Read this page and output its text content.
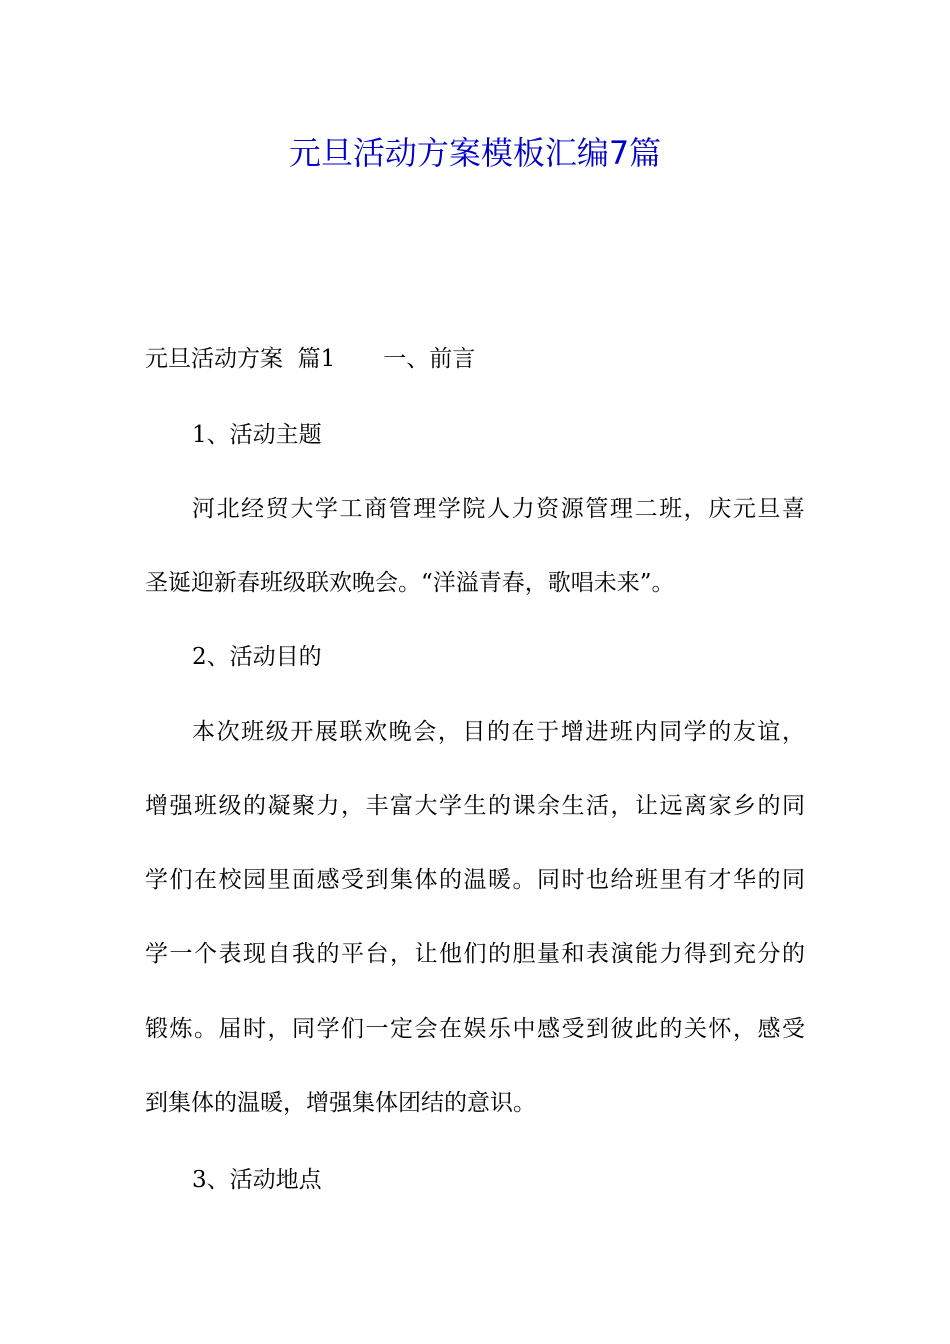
元旦活动方案模板汇编7篇
元旦活动方案  篇1 一、前言
1、活动主题
河北经贸大学工商管理学院人力资源管理二班，庆元旦喜
圣诞迎新春班级联欢晚会。“洋溢青春，歌唱未来”。
2、活动目的
本次班级开展联欢晚会，目的在于增进班内同学的友谊，
增强班级的凝聚力，丰富大学生的课余生活，让远离家乡的同
学们在校园里面感受到集体的温暖。同时也给班里有才华的同
学一个表现自我的平台，让他们的胆量和表演能力得到充分的
锻炼。届时，同学们一定会在娱乐中感受到彼此的关怀，感受
到集体的温暖，增强集体团结的意识。
3、活动地点
